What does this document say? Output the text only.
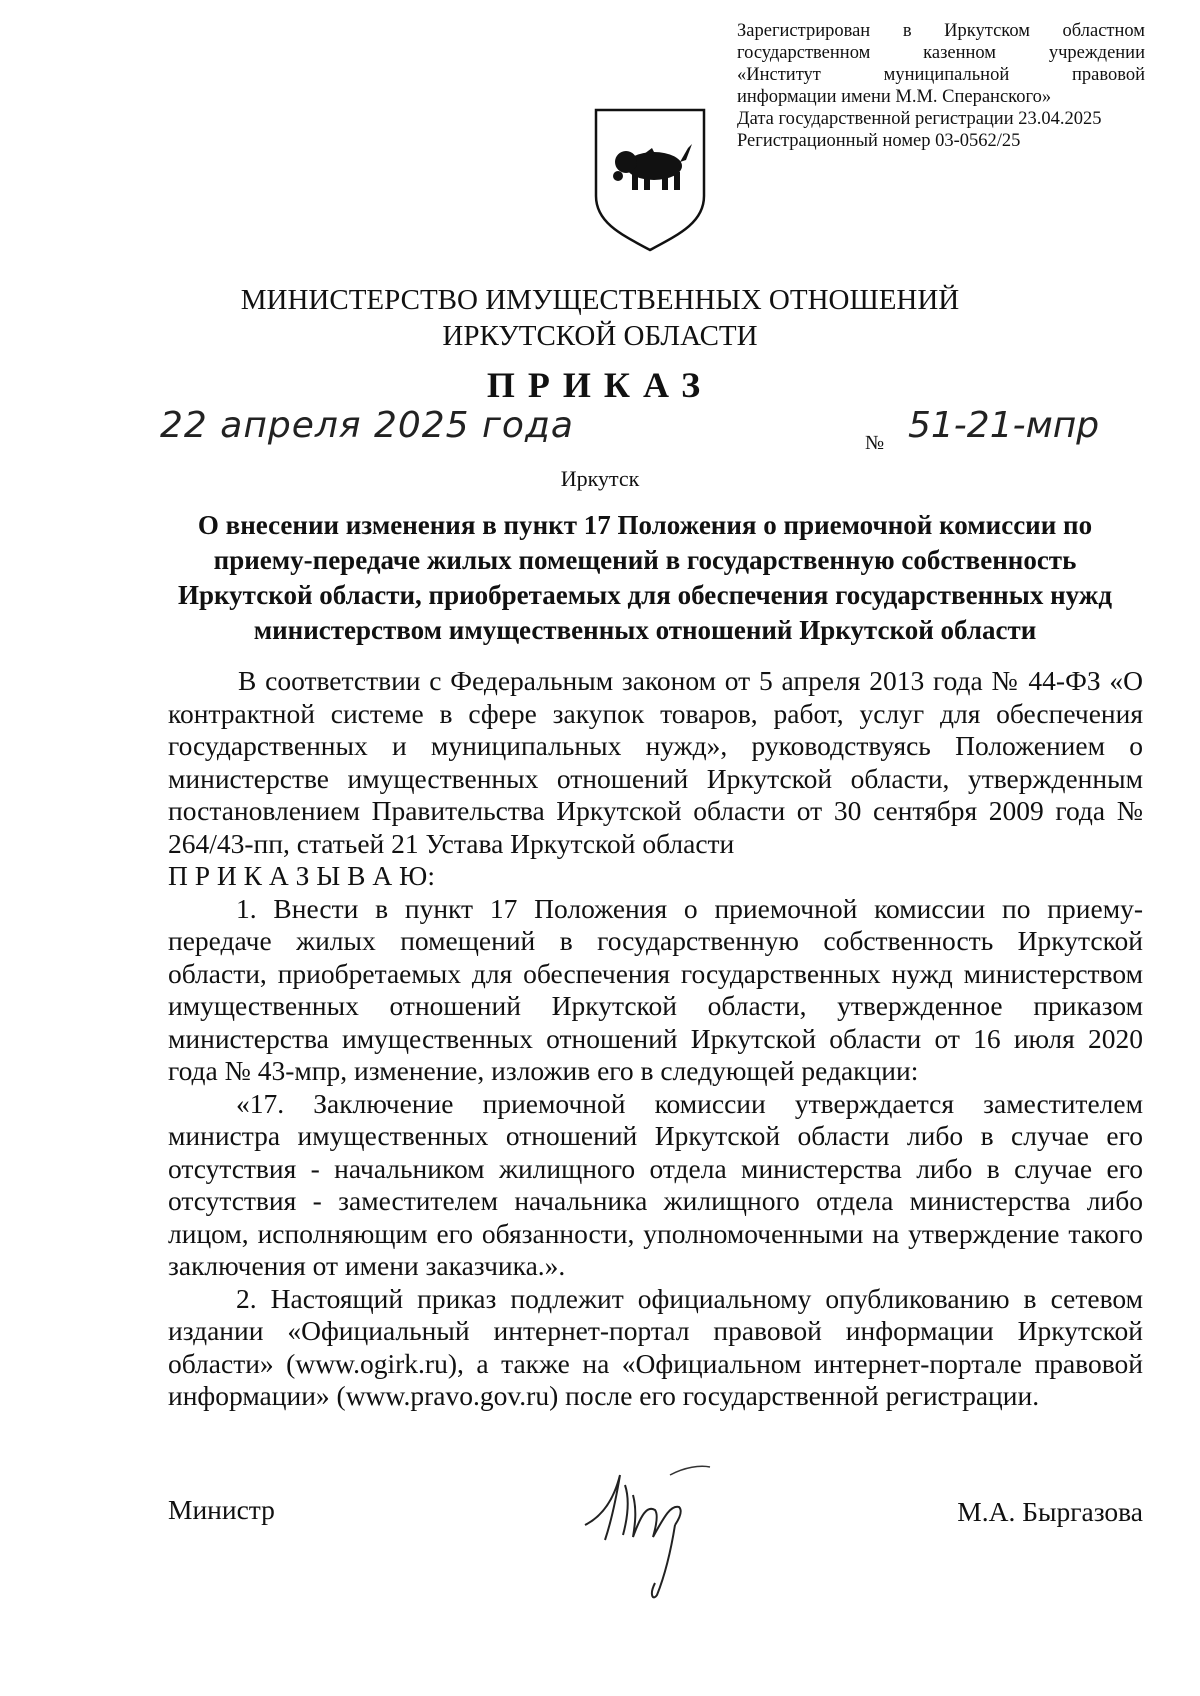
Зарегистрирован в Иркутском областном

государственном казенном учреждении

«Институт муниципальной правовой

информации имени М.М. Сперанского»

Дата государственной регистрации 23.04.2025

Регистрационный номер 03-0562/25

МИНИСТЕРСТВО ИМУЩЕСТВЕННЫХ ОТНОШЕНИЙ
ИРКУТСКОЙ ОБЛАСТИ
ПРИКАЗ
22 апреля 2025 года	№ 51-21-мпр
Иркутск
О внесении изменения в пункт 17 Положения о приемочной комиссии по приему-передаче жилых помещений в государственную собственность Иркутской области, приобретаемых для обеспечения государственных нужд министерством имущественных отношений Иркутской области

В соответствии с Федеральным законом от 5 апреля 2013 года № 44-ФЗ «О контрактной системе в сфере закупок товаров, работ, услуг для обеспечения государственных и муниципальных нужд», руководствуясь Положением о министерстве имущественных отношений Иркутской области, утвержденным постановлением Правительства Иркутской области от 30 сентября 2009 года № 264/43-пп, статьей 21 Устава Иркутской области

П Р И К А З Ы В А Ю:

1. Внести в пункт 17 Положения о приемочной комиссии по приему-передаче жилых помещений в государственную собственность Иркутской области, приобретаемых для обеспечения государственных нужд министерством имущественных отношений Иркутской области, утвержденное приказом министерства имущественных отношений Иркутской области от 16 июля 2020 года № 43-мпр, изменение, изложив его в следующей редакции:

«17. Заключение приемочной комиссии утверждается заместителем министра имущественных отношений Иркутской области либо в случае его отсутствия - начальником жилищного отдела министерства либо в случае его отсутствия - заместителем начальника жилищного отдела министерства либо лицом, исполняющим его обязанности, уполномоченными на утверждение такого заключения от имени заказчика.».

2. Настоящий приказ подлежит официальному опубликованию в сетевом издании «Официальный интернет-портал правовой информации Иркутской области» (www.ogirk.ru), а также на «Официальном интернет-портале правовой информации» (www.pravo.gov.ru) после его государственной регистрации.

Министр	М.А. Быргазова
